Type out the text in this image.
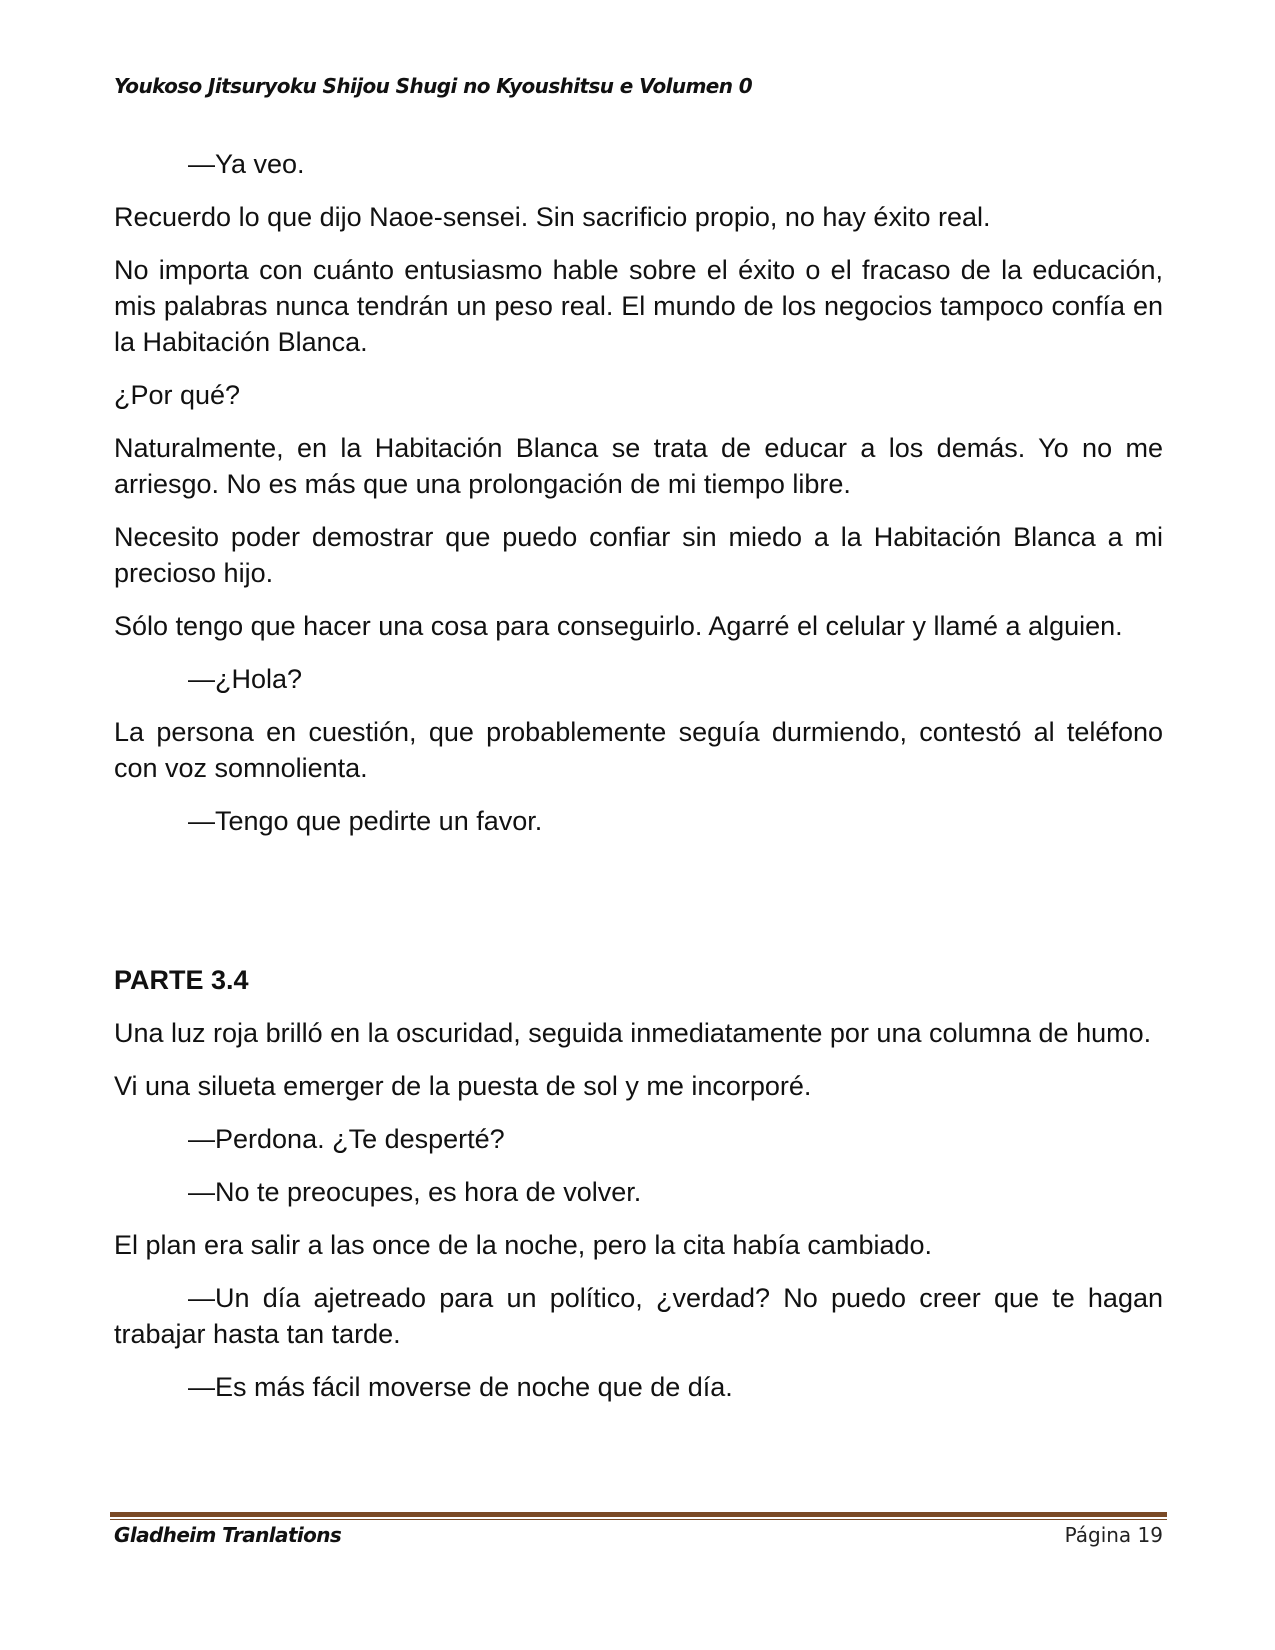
Youkoso Jitsuryoku Shijou Shugi no Kyoushitsu e Volumen 0

—Ya veo.

Recuerdo lo que dijo Naoe-sensei. Sin sacrificio propio, no hay éxito real.

No importa con cuánto entusiasmo hable sobre el éxito o el fracaso de la educación, mis palabras nunca tendrán un peso real. El mundo de los negocios tampoco confía en la Habitación Blanca.

¿Por qué?

Naturalmente, en la Habitación Blanca se trata de educar a los demás. Yo no me arriesgo. No es más que una prolongación de mi tiempo libre.

Necesito poder demostrar que puedo confiar sin miedo a la Habitación Blanca a mi precioso hijo.

Sólo tengo que hacer una cosa para conseguirlo. Agarré el celular y llamé a alguien.

—¿Hola?

La persona en cuestión, que probablemente seguía durmiendo, contestó al teléfono con voz somnolienta.

—Tengo que pedirte un favor.

PARTE 3.4

Una luz roja brilló en la oscuridad, seguida inmediatamente por una columna de humo.

Vi una silueta emerger de la puesta de sol y me incorporé.

—Perdona. ¿Te desperté?

—No te preocupes, es hora de volver.

El plan era salir a las once de la noche, pero la cita había cambiado.

—Un día ajetreado para un político, ¿verdad? No puedo creer que te hagan trabajar hasta tan tarde.

—Es más fácil moverse de noche que de día.

Gladheim Tranlations	Página 19
